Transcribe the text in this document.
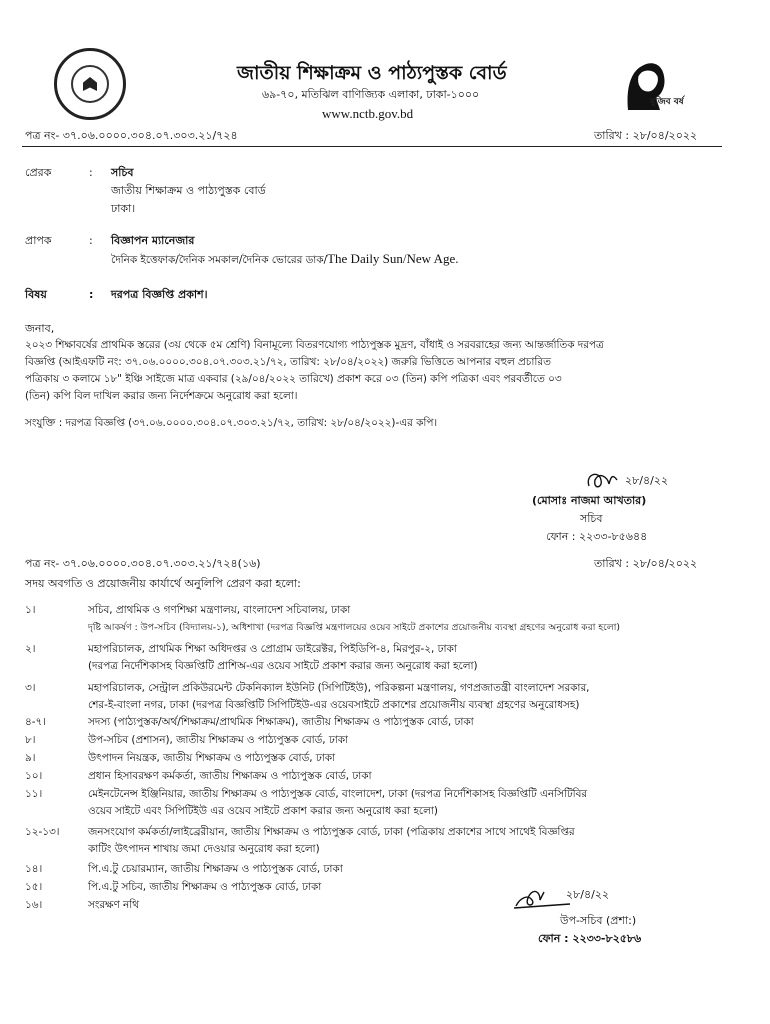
জাতীয় শিক্ষাক্রম ও পাঠ্যপুস্তক বোর্ড
৬৯-৭০, মতিঝিল বাণিজ্যিক এলাকা, ঢাকা-১০০০
www.nctb.gov.bd
মুজিব বর্ষ
পত্র নং- ৩৭.০৬.০০০০.৩০৪.০৭.৩০৩.২১/৭২৪	তারিখ : ২৮/০৪/২০২২
প্রেরক	: সচিব
জাতীয় শিক্ষাক্রম ও পাঠ্যপুস্তক বোর্ড
ঢাকা।
প্রাপক	: বিজ্ঞাপন ম্যানেজার
দৈনিক ইত্তেফাক/দৈনিক সমকাল/দৈনিক ভোরের ডাক/The Daily Sun/New Age.
বিষয়	: দরপত্র বিজ্ঞপ্তি প্রকাশ।
জনাব,
২০২৩ শিক্ষাবর্ষের প্রাথমিক স্তরের (৩য় থেকে ৫ম শ্রেণি) বিনামূল্যে বিতরণযোগ্য পাঠ্যপুস্তক মুদ্রণ, বাঁধাই ও সরবরাহের জন্য আন্তর্জাতিক দরপত্র
বিজ্ঞপ্তি (আইএফটি নং: ৩৭.০৬.০০০০.৩০৪.০৭.৩০৩.২১/৭২, তারিখ: ২৮/০৪/২০২২) জরুরি ভিত্তিতে আপনার বহুল প্রচারিত
পত্রিকায় ৩ কলামে ১৮" ইঞ্চি সাইজে মাত্র একবার (২৯/০৪/২০২২ তারিখে) প্রকাশ করে ০৩ (তিন) কপি পত্রিকা এবং পরবর্তীতে ০৩
(তিন) কপি বিল দাখিল করার জন্য নির্দেশক্রমে অনুরোধ করা হলো।
সংযুক্তি : দরপত্র বিজ্ঞপ্তি (৩৭.০৬.০০০০.৩০৪.০৭.৩০৩.২১/৭২, তারিখ: ২৮/০৪/২০২২)-এর কপি।
২৮/৪/২২
(মোসাঃ নাজমা আখতার)
সচিব
ফোন : ২২৩৩-৮৫৬৪৪
পত্র নং- ৩৭.০৬.০০০০.৩০৪.০৭.৩০৩.২১/৭২৪(১৬)	তারিখ : ২৮/০৪/২০২২
সদয় অবগতি ও প্রয়োজনীয় কার্যার্থে অনুলিপি প্রেরণ করা হলো:
১।	সচিব, প্রাথমিক ও গণশিক্ষা মন্ত্রণালয়, বাংলাদেশ সচিবালয়, ঢাকা
দৃষ্টি আকর্ষণ : উপ-সচিব (বিদ্যালয়-১), অধিশাখা (দরপত্র বিজ্ঞপ্তি মন্ত্রণালয়ের ওয়েব সাইটে প্রকাশের প্রয়োজনীয় ব্যবস্থা গ্রহণের অনুরোধ করা হলো)
২।	মহাপরিচালক, প্রাথমিক শিক্ষা অধিদপ্তর ও প্রোগ্রাম ডাইরেক্টর, পিইডিপি-৪, মিরপুর-২, ঢাকা
(দরপত্র নির্দেশিকাসহ বিজ্ঞপ্তিটি প্রাশিঅ-এর ওয়েব সাইটে প্রকাশ করার জন্য অনুরোধ করা হলো)
৩।	মহাপরিচালক, সেন্ট্রাল প্রকিউরমেন্ট টেকনিক্যাল ইউনিট (সিপিটিইউ), পরিকল্পনা মন্ত্রণালয়, গণপ্রজাতন্ত্রী বাংলাদেশ সরকার,
শের-ই-বাংলা নগর, ঢাকা (দরপত্র বিজ্ঞপ্তিটি সিপিটিইউ-এর ওয়েবসাইটে প্রকাশের প্রয়োজনীয় ব্যবস্থা গ্রহণের অনুরোধসহ)
৪-৭।	সদস্য (পাঠ্যপুস্তক/অর্থ/শিক্ষাক্রম/প্রাথমিক শিক্ষাক্রম), জাতীয় শিক্ষাক্রম ও পাঠ্যপুস্তক বোর্ড, ঢাকা
৮।	উপ-সচিব (প্রশাসন), জাতীয় শিক্ষাক্রম ও পাঠ্যপুস্তক বোর্ড, ঢাকা
৯।	উৎপাদন নিয়ন্ত্রক, জাতীয় শিক্ষাক্রম ও পাঠ্যপুস্তক বোর্ড, ঢাকা
১০।	প্রধান হিসাবরক্ষণ কর্মকর্তা, জাতীয় শিক্ষাক্রম ও পাঠ্যপুস্তক বোর্ড, ঢাকা
১১।	মেইনটেনেন্স ইঞ্জিনিয়ার, জাতীয় শিক্ষাক্রম ও পাঠ্যপুস্তক বোর্ড, বাংলাদেশ, ঢাকা (দরপত্র নির্দেশিকাসহ বিজ্ঞপ্তিটি এনসিটিবির
ওয়েব সাইটে এবং সিপিটিইউ এর ওয়েব সাইটে প্রকাশ করার জন্য অনুরোধ করা হলো)
১২-১৩।	জনসংযোগ কর্মকর্তা/লাইব্রেরীয়ান, জাতীয় শিক্ষাক্রম ও পাঠ্যপুস্তক বোর্ড, ঢাকা (পত্রিকায় প্রকাশের সাথে সাথেই বিজ্ঞপ্তির
কাটিং উৎপাদন শাখায় জমা দেওয়ার অনুরোধ করা হলো)
১৪।	পি.এ.টু চেয়ারম্যান, জাতীয় শিক্ষাক্রম ও পাঠ্যপুস্তক বোর্ড, ঢাকা
১৫।	পি.এ.টু সচিব, জাতীয় শিক্ষাক্রম ও পাঠ্যপুস্তক বোর্ড, ঢাকা
১৬।	সংরক্ষণ নথি
২৮/৪/২২
উপ-সচিব (প্রশা:)
ফোন : ২২৩৩-৮২৫৮৬
